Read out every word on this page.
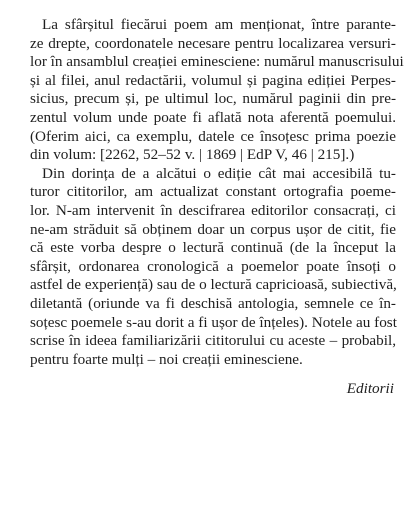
La sfârșitul fiecărui poem am menționat, între parante-
ze drepte, coordonatele necesare pentru localizarea versuri-
lor în ansamblul creației eminesciene: numărul manuscrisului
și al filei, anul redactării, volumul și pagina ediției Perpes-
sicius, precum și, pe ultimul loc, numărul paginii din pre-
zentul volum unde poate fi aflată nota aferentă poemului.
(Oferim aici, ca exemplu, datele ce însoțesc prima poezie
din volum: [2262, 52–52 v. | 1869 | EdP V, 46 | 215].)
Din dorința de a alcătui o ediție cât mai accesibilă tu-
turor cititorilor, am actualizat constant ortografia poeme-
lor. N-am intervenit în descifrarea editorilor consacrați, ci
ne-am străduit să obținem doar un corpus ușor de citit, fie
că este vorba despre o lectură continuă (de la început la
sfârșit, ordonarea cronologică a poemelor poate însoți o
astfel de experiență) sau de o lectură capricioasă, subiectivă,
diletantă (oriunde va fi deschisă antologia, semnele ce în-
soțesc poemele s-au dorit a fi ușor de înțeles). Notele au fost
scrise în ideea familiarizării cititorului cu aceste – probabil,
pentru foarte mulți – noi creații eminesciene.
Editorii
